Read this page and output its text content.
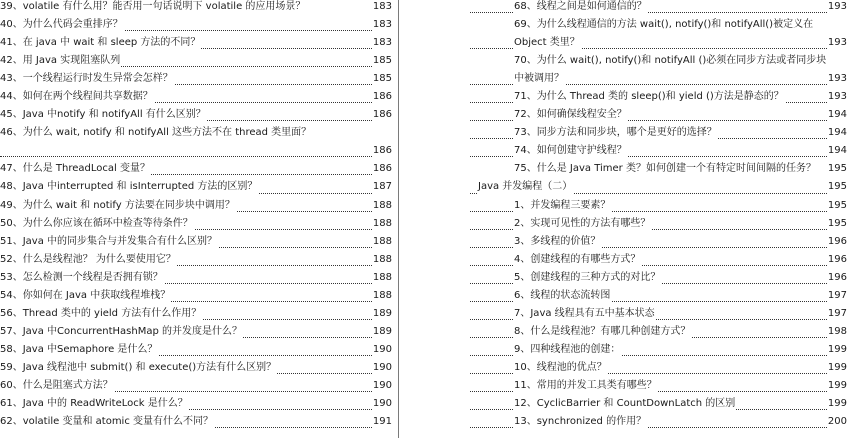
39、volatile 有什么用？能否用一句话说明下 volatile 的应用场景？	183
40、为什么代码会重排序？	183
41、在 java 中 wait 和 sleep 方法的不同？	183
42、用 Java 实现阻塞队列	185
43、一个线程运行时发生异常会怎样？	185
44、如何在两个线程间共享数据？	186
45、Java 中notify 和 notifyAll 有什么区别？	186
46、为什么 wait, notify 和 notifyAll 这些方法不在 thread 类里面？
186
47、什么是 ThreadLocal 变量？	186
48、Java 中interrupted 和 isInterrupted 方法的区别？	187
49、为什么 wait 和 notify 方法要在同步块中调用？	188
50、为什么你应该在循环中检查等待条件？	188
51、Java 中的同步集合与并发集合有什么区别？	188
52、什么是线程池？ 为什么要使用它？	188
53、怎么检测一个线程是否拥有锁？	188
54、你如何在 Java 中获取线程堆栈？	188
56、Thread 类中的 yield 方法有什么作用？	189
57、Java 中ConcurrentHashMap 的并发度是什么？	189
58、Java 中Semaphore 是什么？	190
59、Java 线程池中 submit() 和 execute()方法有什么区别？	190
60、什么是阻塞式方法？	190
61、Java 中的 ReadWriteLock 是什么？	190
62、volatile 变量和 atomic 变量有什么不同？	191
68、线程之间是如何通信的？	193
69、为什么线程通信的方法 wait(), notify()和 notifyAll()被定义在
Object 类里？	193
70、为什么 wait(), notify()和 notifyAll ()必须在同步方法或者同步块
中被调用？	193
71、为什么 Thread 类的 sleep()和 yield ()方法是静态的？	193
72、如何确保线程安全？	194
73、同步方法和同步块，哪个是更好的选择？	194
74、如何创建守护线程？	194
75、什么是 Java Timer 类？如何创建一个有特定时间间隔的任务？ 195
Java 并发编程（二）	195
1、并发编程三要素？	195
2、实现可见性的方法有哪些？	195
3、多线程的价值？	196
4、创建线程的有哪些方式？	196
5、创建线程的三种方式的对比？	196
6、线程的状态流转图	197
7、Java 线程具有五中基本状态	197
8、什么是线程池？有哪几种创建方式？	198
9、四种线程池的创建：	199
10、线程池的优点？	199
11、常用的并发工具类有哪些？	199
12、CyclicBarrier 和 CountDownLatch 的区别	199
13、synchronized 的作用？	200
